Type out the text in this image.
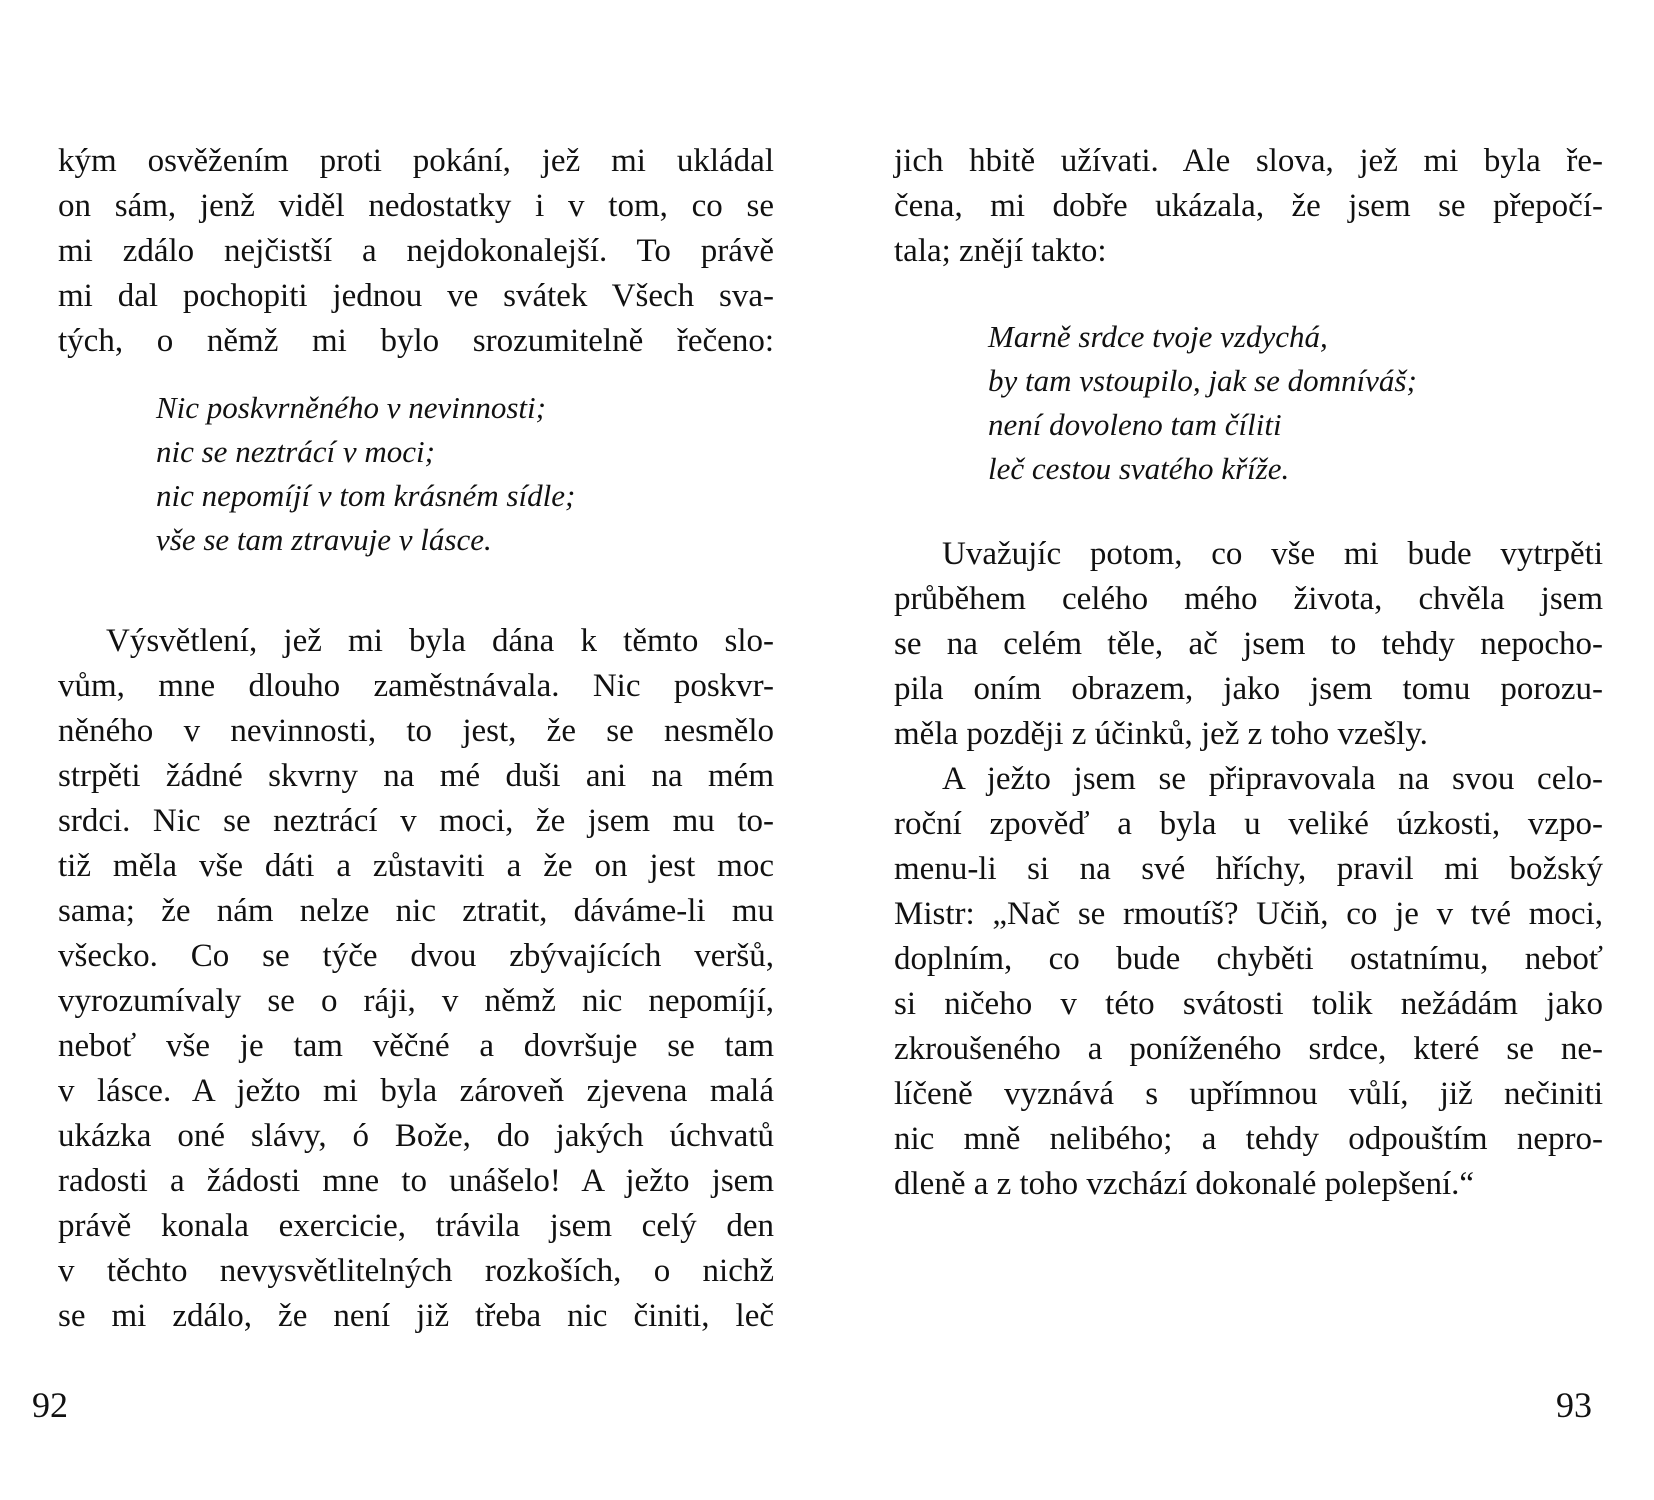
kým osvěžením proti pokání, jež mi ukládal
on sám, jenž viděl nedostatky i v tom, co se
mi zdálo nejčistší a nejdokonalejší. To právě
mi dal pochopiti jednou ve svátek Všech sva-
tých, o němž mi bylo srozumitelně řečeno:
Nic poskvrněného v nevinnosti;
nic se neztrácí v moci;
nic nepomíjí v tom krásném sídle;
vše se tam ztravuje v lásce.
Výsvětlení, jež mi byla dána k těmto slo-
vům, mne dlouho zaměstnávala. Nic poskvr-
něného v nevinnosti, to jest, že se nesmělo
strpěti žádné skvrny na mé duši ani na mém
srdci. Nic se neztrácí v moci, že jsem mu to-
tiž měla vše dáti a zůstaviti a že on jest moc
sama; že nám nelze nic ztratit, dáváme-li mu
všecko. Co se týče dvou zbývajících veršů,
vyrozumívaly se o ráji, v němž nic nepomíjí,
neboť vše je tam věčné a dovršuje se tam
v lásce. A ježto mi byla zároveň zjevena malá
ukázka oné slávy, ó Bože, do jakých úchvatů
radosti a žádosti mne to unášelo! A ježto jsem
právě konala exercicie, trávila jsem celý den
v těchto nevysvětlitelných rozkoších, o nichž
se mi zdálo, že není již třeba nic činiti, leč
92
jich hbitě užívati. Ale slova, jež mi byla ře-
čena, mi dobře ukázala, že jsem se přepočí-
tala; znějí takto:
Marně srdce tvoje vzdychá,
by tam vstoupilo, jak se domníváš;
není dovoleno tam číliti
leč cestou svatého kříže.
Uvažujíc potom, co vše mi bude vytrpěti
průběhem celého mého života, chvěla jsem
se na celém těle, ač jsem to tehdy nepocho-
pila oním obrazem, jako jsem tomu porozu-
měla později z účinků, jež z toho vzešly.
A ježto jsem se připravovala na svou celo-
roční zpověď a byla u veliké úzkosti, vzpo-
menu-li si na své hříchy, pravil mi božský
Mistr: „Nač se rmoutíš? Učiň, co je v tvé moci,
doplním, co bude chyběti ostatnímu, neboť
si ničeho v této svátosti tolik nežádám jako
zkroušeného a poníženého srdce, které se ne-
líčeně vyznává s upřímnou vůlí, již nečiniti
nic mně nelibého; a tehdy odpouštím nepro-
dleně a z toho vzchází dokonalé polepšení.“
93
